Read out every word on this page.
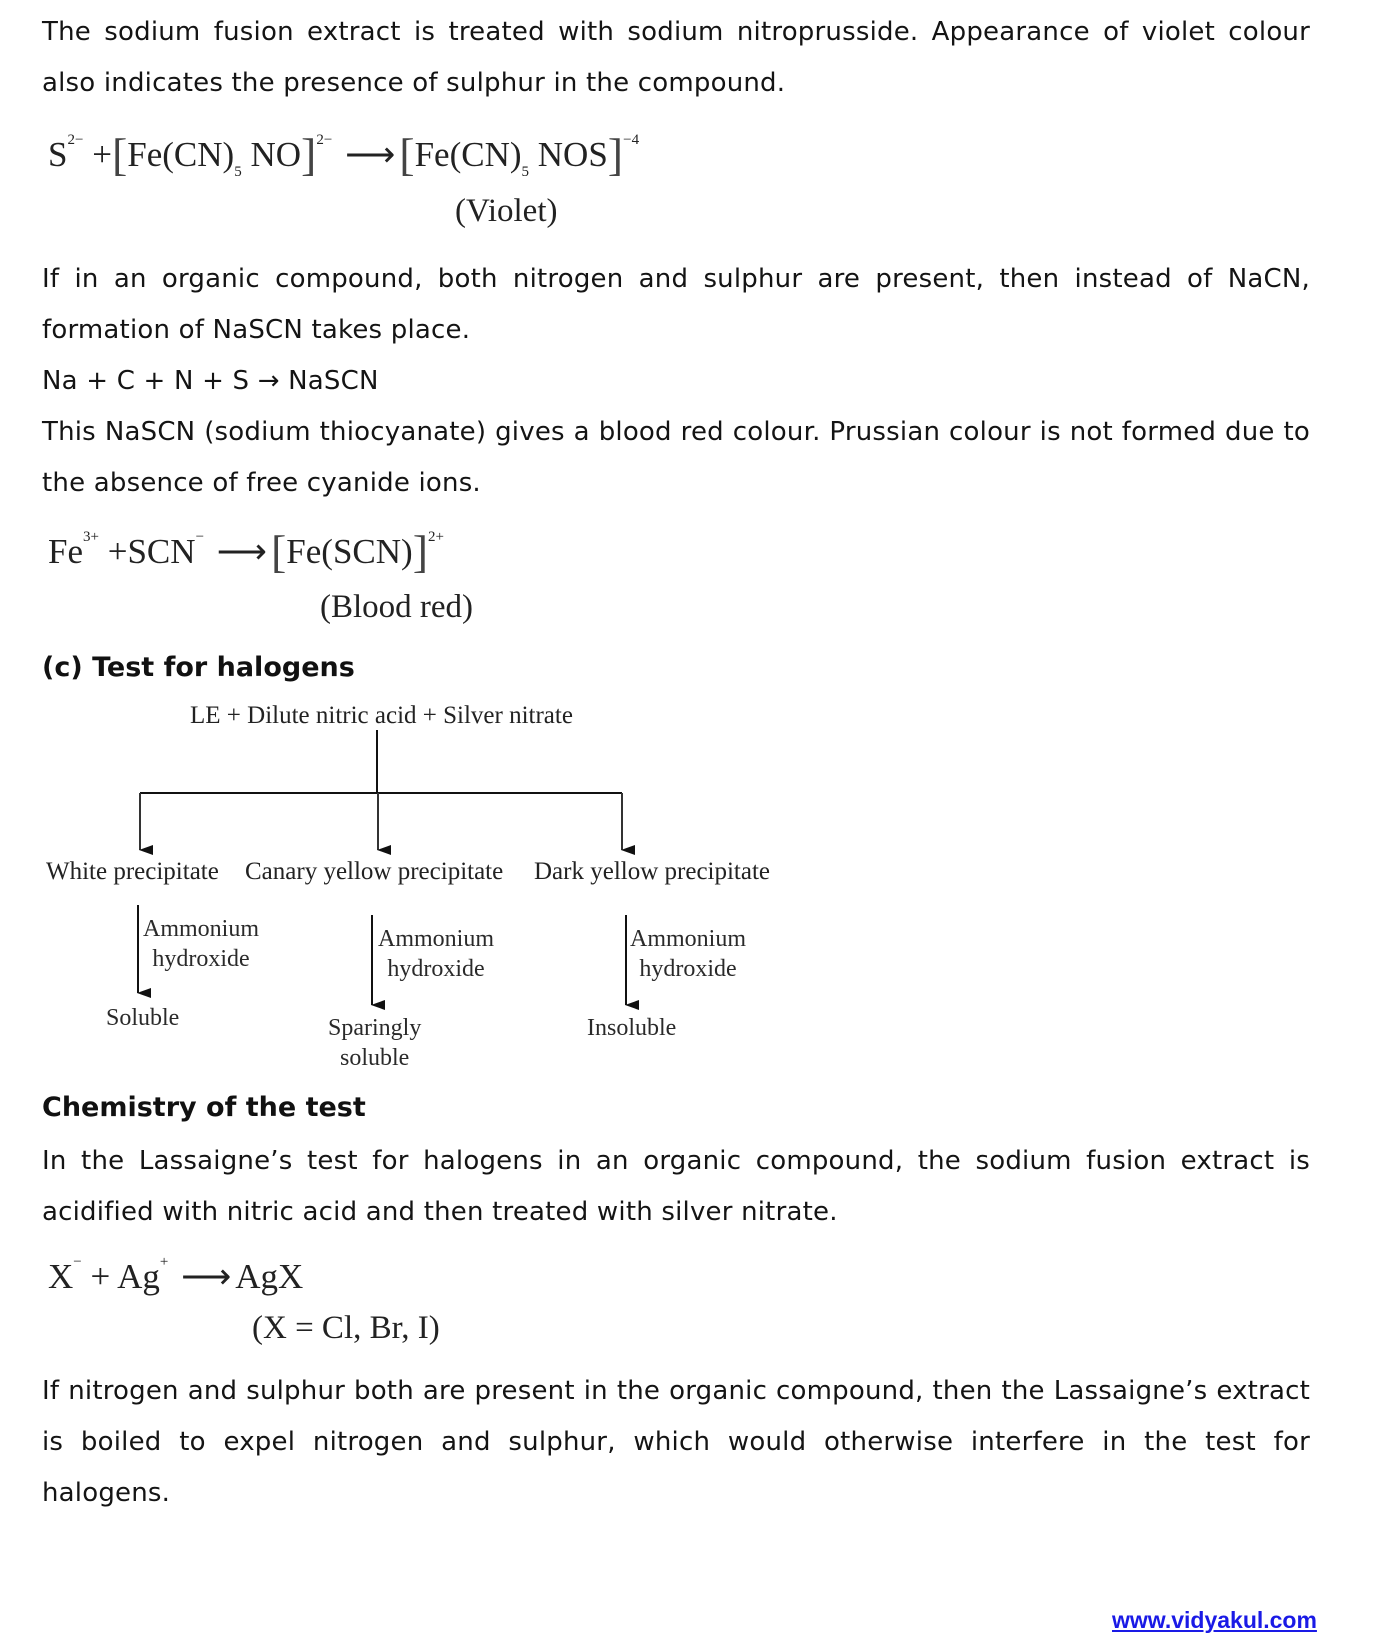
The sodium fusion extract is treated with sodium nitroprusside. Appearance of violet colour also indicates the presence of sulphur in the compound.
$S^{2-} +[Fe(CN)_5$ NO]$^{2-}$ $⟶[Fe(CN)_5$ NOS]$^{-4}$
(Violet)
If in an organic compound, both nitrogen and sulphur are present, then instead of NaCN, formation of NaSCN takes place.
Na + C + N + S → NaSCN
This NaSCN (sodium thiocyanate) gives a blood red colour. Prussian colour is not formed due to the absence of free cyanide ions.
$Fe^{3+} +SCN^-$ $⟶[Fe(SCN)]^{2+}$
(Blood red)
(c) Test for halogens
LE + Dilute nitric acid + Silver nitrate
White precipitate Canary yellow precipitate Dark yellow precipitate
Ammonium
hydroxide
Ammonium
hydroxide
Ammonium
hydroxide
Soluble	Sparingly
soluble
Insoluble
Chemistry of the test
In the Lassaigne’s test for halogens in an organic compound, the sodium fusion extract is acidified with nitric acid and then treated with silver nitrate.
X− + Ag+ ⟶ AgX
(X = Cl, Br, I)
If nitrogen and sulphur both are present in the organic compound, then the Lassaigne’s extract is boiled to expel nitrogen and sulphur, which would otherwise interfere in the test for halogens.
www.vidyakul.com
